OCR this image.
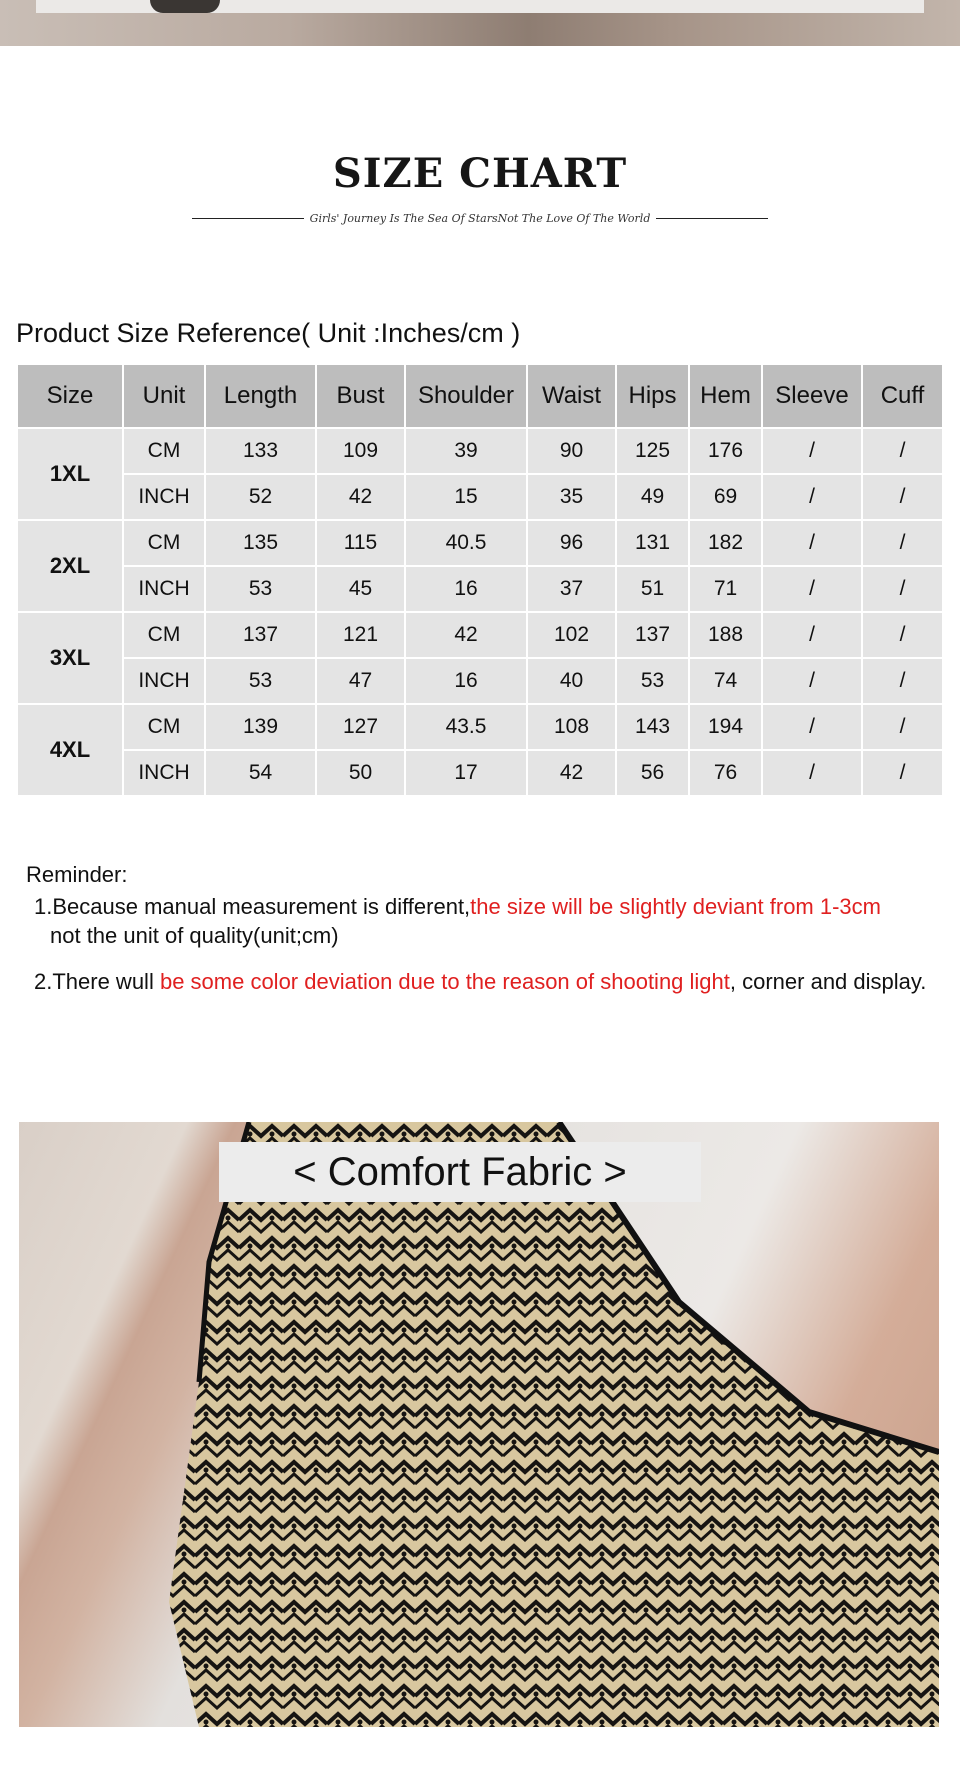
SIZE CHART
Girls' Journey Is The Sea Of StarsNot The Love Of The World
Product Size Reference( Unit :Inches/cm )
Size	Unit	Length	Bust	Shoulder	Waist	Hips	Hem	Sleeve	Cuff
1XL	CM	133	109	39	90	125	176	/	/
	INCH	52	42	15	35	49	69	/	/
2XL	CM	135	115	40.5	96	131	182	/	/
	INCH	53	45	16	37	51	71	/	/
3XL	CM	137	121	42	102	137	188	/	/
	INCH	53	47	16	40	53	74	/	/
4XL	CM	139	127	43.5	108	143	194	/	/
	INCH	54	50	17	42	56	76	/	/
Reminder:
1.Because manual measurement is different,the size will be slightly deviant from 1-3cm
not the unit of quality(unit;cm)
2.There wull be some color deviation due to the reason of shooting light, corner and display.
< Comfort Fabric >
